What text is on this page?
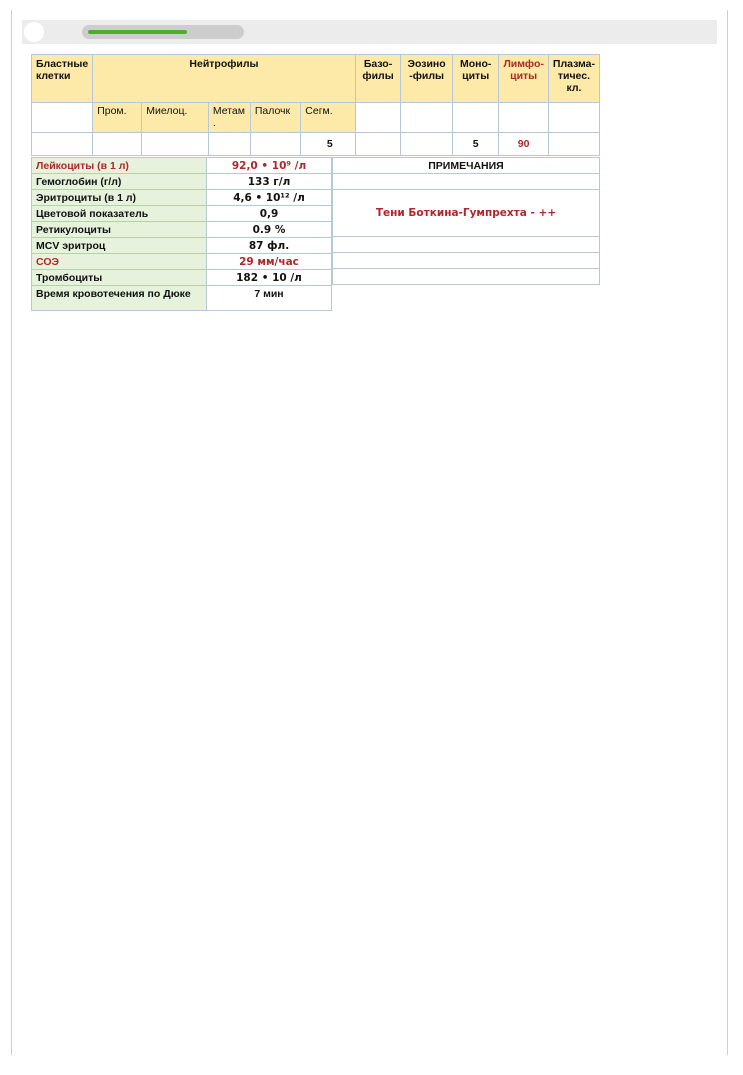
Бластные клетки	Нейтрофилы					Базо-филы	Эозино -филы	Моно-циты	Лимфо-циты	Плазма-тичес. кл.
	Пром.	Миелоц.	Метам .	Палочк	Сегм.					
					5			5	90	
Лейкоциты (в 1 л)	92,0 • 10⁹ /л
Гемоглобин (г/л)	133 г/л
Эритроциты (в 1 л)	4,6 • 10¹² /л
Цветовой показатель	0,9
Ретикулоциты	0.9 %
MCV эритроц	87 фл.
СОЭ	29 мм/час
Тромбоциты	182 • 10 /л
Время кровотечения по Дюке	7 мин
ПРИМЕЧАНИЯ

Тени Боткина-Гумпрехта - ++
